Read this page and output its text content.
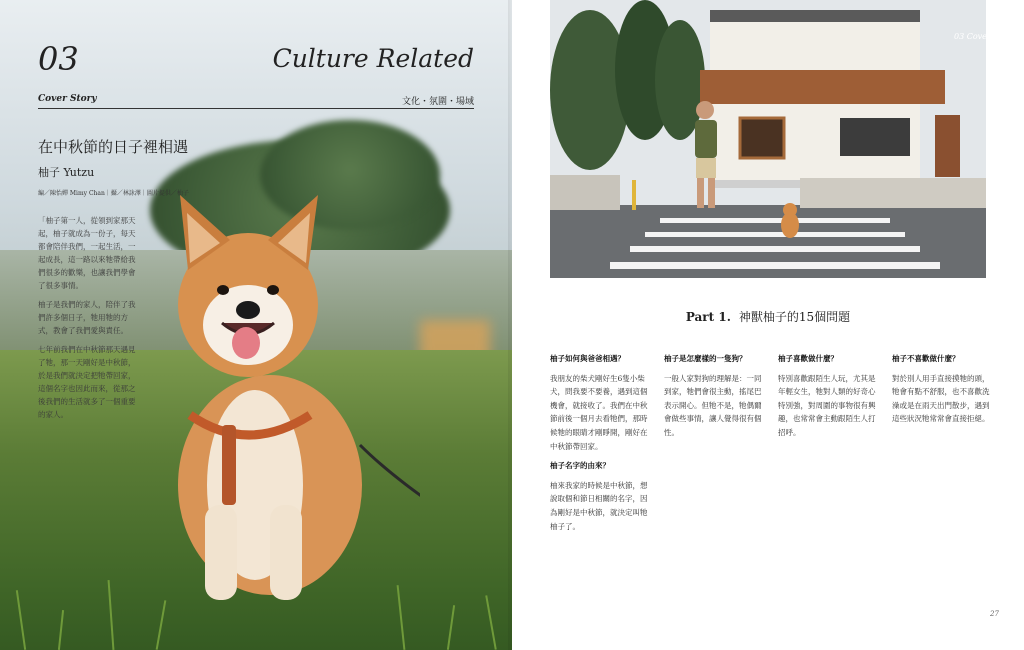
03	Culture Related
Cover Story	文化・氛圍・場域
在中秋節的日子裡相遇
柚子 Yutzu
編／陳怡嬋 Mimy Chan｜攝／林詠澤｜圖片提供／柚子

「柚子第一人，從領到家那天起，柚子就成為一份子，每天都會陪伴我們，一起生活，一起成長，這一路以來牠帶給我們很多的歡樂，也讓我們學會了很多事情。

柚子是我們的家人，陪伴了我們許多個日子，牠用牠的方式，教會了我們愛與責任。

七年前我們在中秋節那天遇見了牠，那一天剛好是中秋節，於是我們就決定把牠帶回家，這個名字也因此而來，從那之後我們的生活就多了一個重要的家人。

03 Cover Story
Part 1. 神獸柚子的15個問題

柚子如何與爸爸相遇？

我朋友的柴犬剛好生6隻小柴犬，問我要不要養，遇到這個機會，就接收了。我們在中秋節前後一個月去看牠們，那時候牠的眼睛才剛睜開，剛好在中秋節帶回家。

柚子名字的由來？

柚來我家的時候是中秋節，想說取個和節日相關的名字，因為剛好是中秋節，就決定叫牠柚子了。

柚子是怎麼樣的一隻狗？

一般人家對狗的理解是：一同到家，牠們會很主動，搖尾巴表示開心。但牠不是，牠偶爾會做些事情，讓人覺得很有個性。

柚子喜歡做什麼？

特別喜歡跟陌生人玩，尤其是年輕女生，牠對人類的好奇心特別強，對周圍的事物很有興趣，也常常會主動跟陌生人打招呼。

柚子不喜歡做什麼？

對於別人用手直接摸牠的頭，牠會有點不舒服，也不喜歡洗澡或是在雨天出門散步，遇到這些狀況牠常常會直接拒絕。

27
